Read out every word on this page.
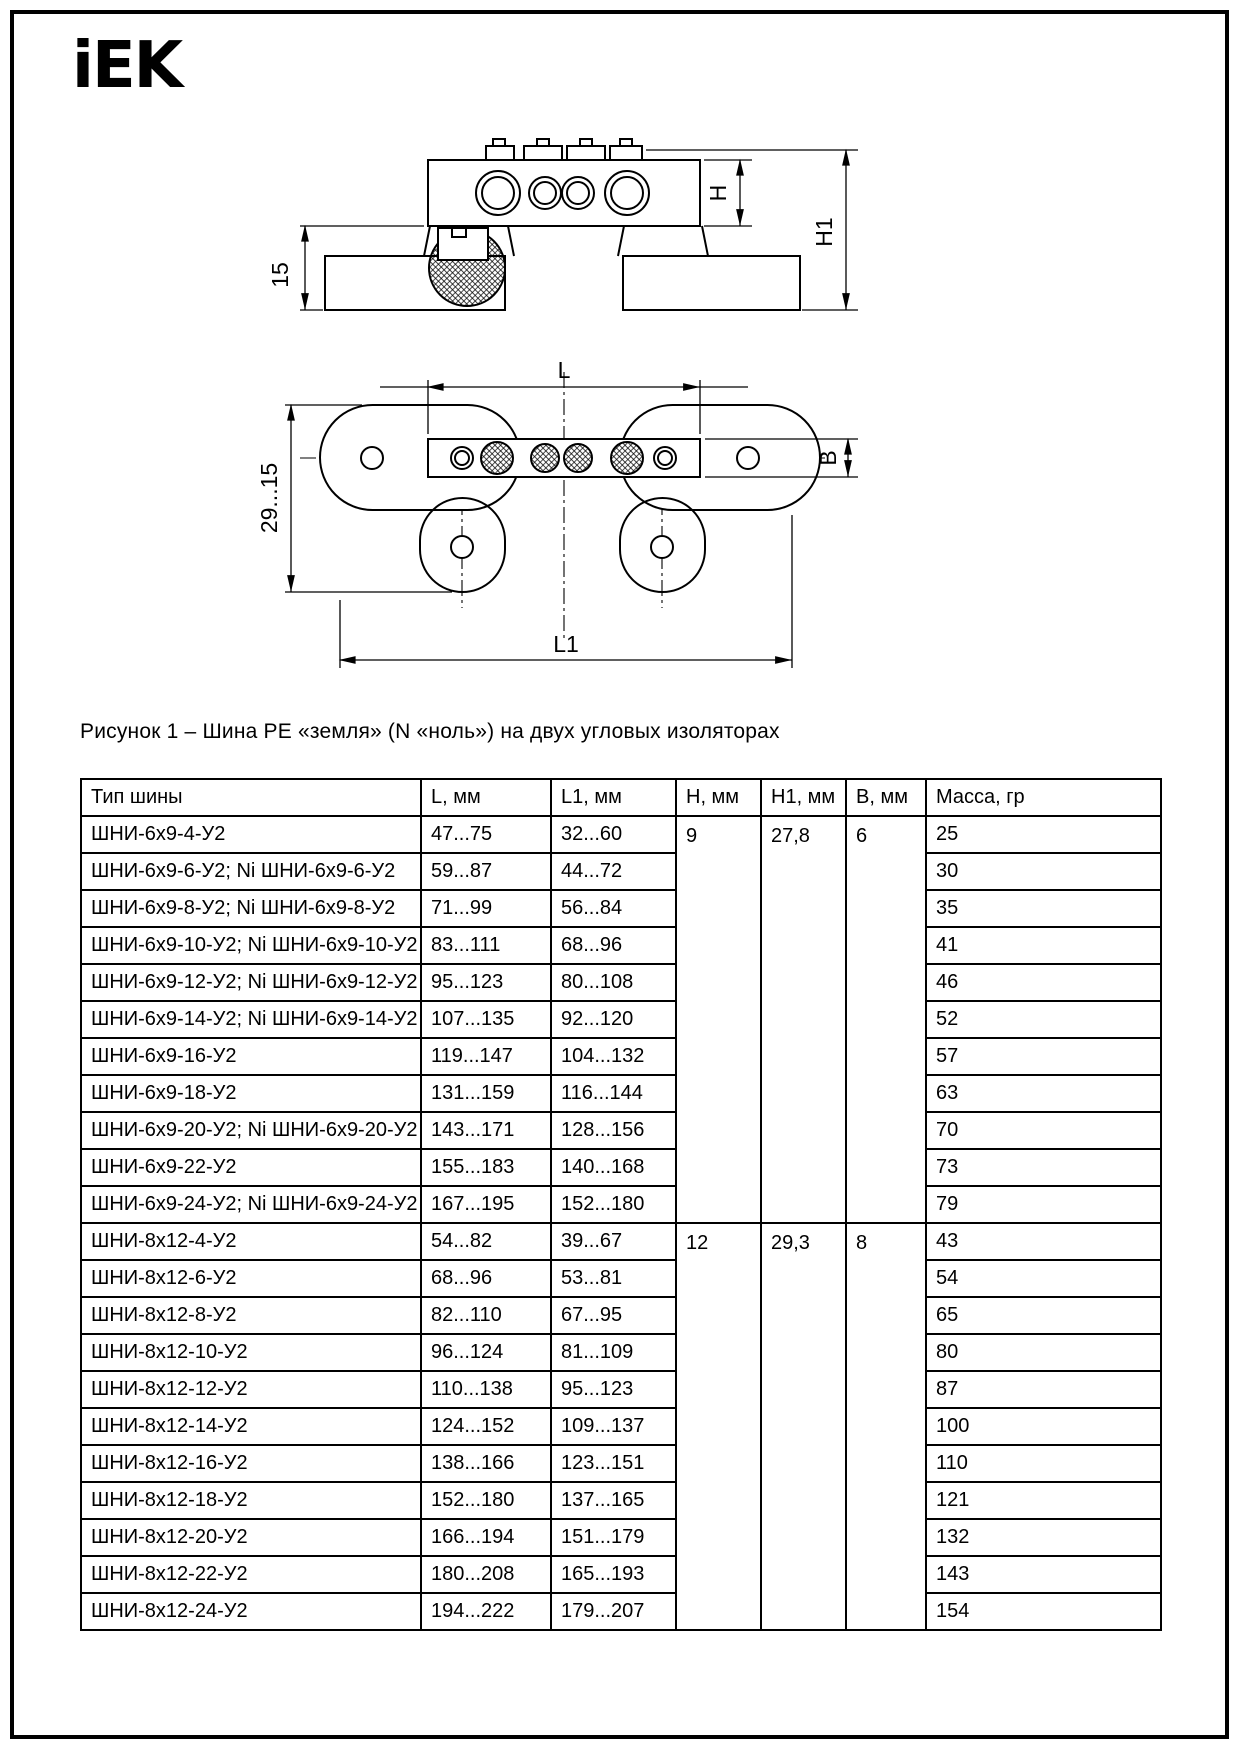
iEK
15
H
H1
L
L1
B
29...15
Рисунок 1 – Шина PE «земля» (N «ноль») на двух угловых изоляторах
Тип шины	L, мм	L1, мм	H, мм	H1, мм	B, мм	Масса, гр
ШНИ-6х9-4-У2	47...75	32...60	9	27,8	6	25
ШНИ-6х9-6-У2; Ni ШНИ-6х9-6-У2	59...87	44...72				30
ШНИ-6х9-8-У2; Ni ШНИ-6х9-8-У2	71...99	56...84				35
ШНИ-6х9-10-У2; Ni ШНИ-6х9-10-У2	83...111	68...96				41
ШНИ-6х9-12-У2; Ni ШНИ-6х9-12-У2	95...123	80...108				46
ШНИ-6х9-14-У2; Ni ШНИ-6х9-14-У2	107...135	92...120				52
ШНИ-6х9-16-У2	119...147	104...132				57
ШНИ-6х9-18-У2	131...159	116...144				63
ШНИ-6х9-20-У2; Ni ШНИ-6х9-20-У2	143...171	128...156				70
ШНИ-6х9-22-У2	155...183	140...168				73
ШНИ-6х9-24-У2; Ni ШНИ-6х9-24-У2	167...195	152...180				79
ШНИ-8х12-4-У2	54...82	39...67	12	29,3	8	43
ШНИ-8х12-6-У2	68...96	53...81				54
ШНИ-8х12-8-У2	82...110	67...95				65
ШНИ-8х12-10-У2	96...124	81...109				80
ШНИ-8х12-12-У2	110...138	95...123				87
ШНИ-8х12-14-У2	124...152	109...137				100
ШНИ-8х12-16-У2	138...166	123...151				110
ШНИ-8х12-18-У2	152...180	137...165				121
ШНИ-8х12-20-У2	166...194	151...179				132
ШНИ-8х12-22-У2	180...208	165...193				143
ШНИ-8х12-24-У2	194...222	179...207				154
